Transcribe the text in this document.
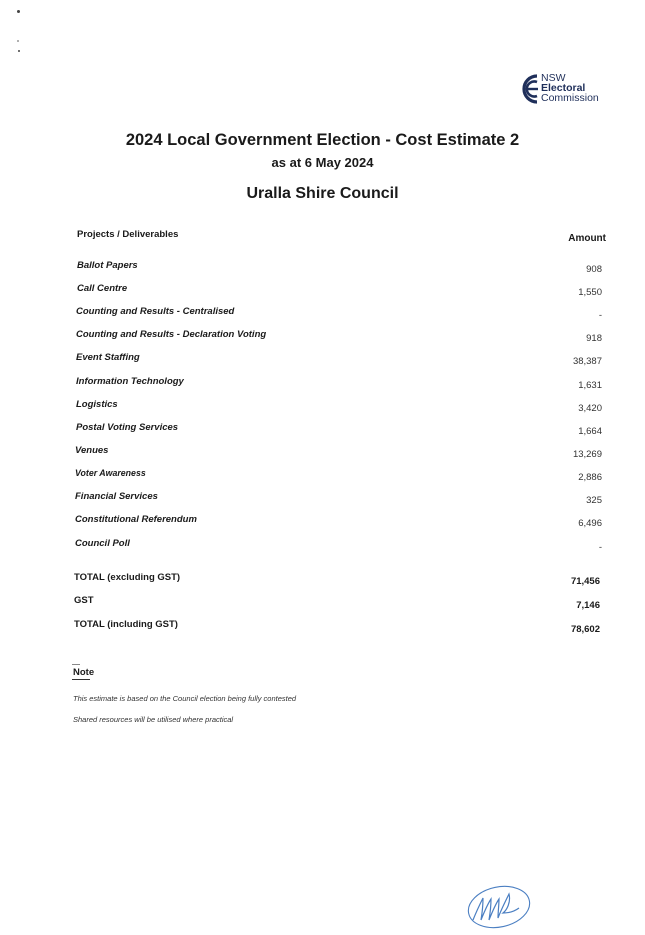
NSW
Electoral
Commission
2024 Local Government Election - Cost Estimate 2
as at 6 May 2024
Uralla Shire Council
Projects / Deliverables	Amount
Ballot Papers	908
Call Centre	1,550
Counting and Results - Centralised	-
Counting and Results - Declaration Voting	918
Event Staffing	38,387
Information Technology	1,631
Logistics	3,420
Postal Voting Services	1,664
Venues	13,269
Voter Awareness	2,886
Financial Services	325
Constitutional Referendum	6,496
Council Poll	-
TOTAL (excluding GST)	71,456
GST	7,146
TOTAL (including GST)	78,602
Note
This estimate is based on the Council election being fully contested
Shared resources will be utilised where practical
